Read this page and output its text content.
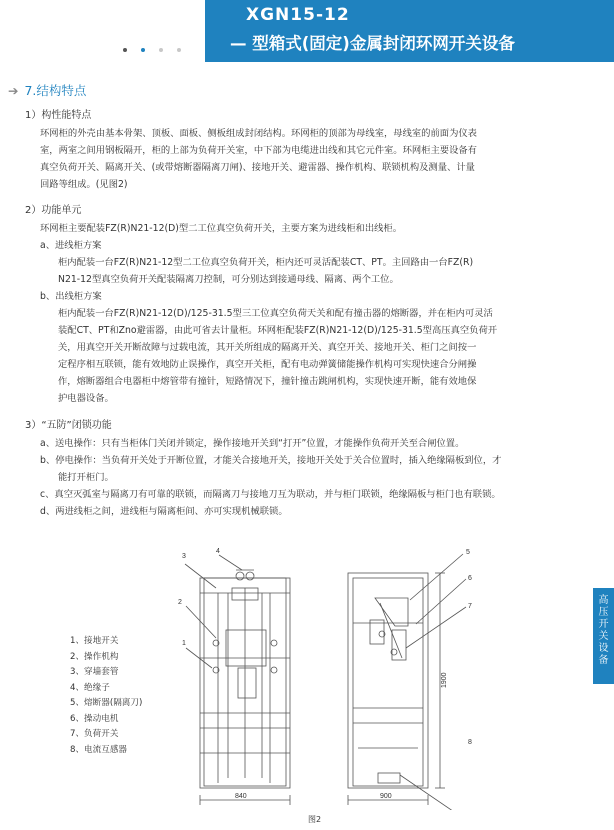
XGN15-12
— 型箱式(固定)金属封闭环网开关设备
➔ 7.结构特点

1）构性能特点

环网柜的外壳由基本骨架、顶板、面板、侧板组成封闭结构。环网柜的顶部为母线室，母线室的前面为仪表

室，两室之间用钢板隔开，柜的上部为负荷开关室，中下部为电缆进出线和其它元件室。环网柜主要设备有

真空负荷开关、隔离开关、(或带熔断器隔离刀闸)、接地开关、避雷器、操作机构、联锁机构及测量、计量

回路等组成。(见图2)

2）功能单元

环网柜主要配装FZ(R)N21-12(D)型二工位真空负荷开关，主要方案为进线柜和出线柜。

a、进线柜方案

柜内配装一台FZ(R)N21-12型二工位真空负荷开关，柜内还可灵活配装CT、PT。主回路由一台FZ(R)

N21-12型真空负荷开关配装隔离刀控制，可分别达到接通母线、隔离、两个工位。

b、出线柜方案

柜内配装一台FZ(R)N21-12(D)/125-31.5型三工位真空负荷天关和配有撞击器的熔断器，并在柜内可灵活

装配CT、PT和Zno避雷器，由此可省去计量柜。环网柜配装FZ(R)N21-12(D)/125-31.5型高压真空负荷开

关，用真空开关开断故障与过载电流，其开关所组成的隔离开关、真空开关、接地开关、柜门之间按一

定程序相互联锁，能有效地防止误操作，真空开关柜，配有电动弹簧储能操作机构可实现快速合分闸操

作，熔断器组合电器柜中熔管带有撞针，短路情况下，撞针撞击跳闸机构，实现快速开断，能有效地保

护电器设备。

3）“五防”闭锁功能

a、送电操作：只有当柜体门关闭并锁定，操作接地开关到“打开”位置，才能操作负荷开关至合闸位置。

b、停电操作：当负荷开关处于开断位置，才能关合接地开关，接地开关处于关合位置时，插入绝缘隔板到位，才

能打开柜门。

c、真空灭弧室与隔离刀有可靠的联锁，而隔离刀与接地刀互为联动，并与柜门联锁，绝缘隔板与柜门也有联锁。

d、两进线柜之间，进线柜与隔离柜间、亦可实现机械联锁。

高
压
开
关
设
备
1、接地开关
2、操作机构
3、穿墙套管
4、绝缘子
5、熔断器(隔离刀)
6、操动电机
7、负荷开关
8、电流互感器
1
2
3
4	5
6
7
8
840	900
1900
图2
